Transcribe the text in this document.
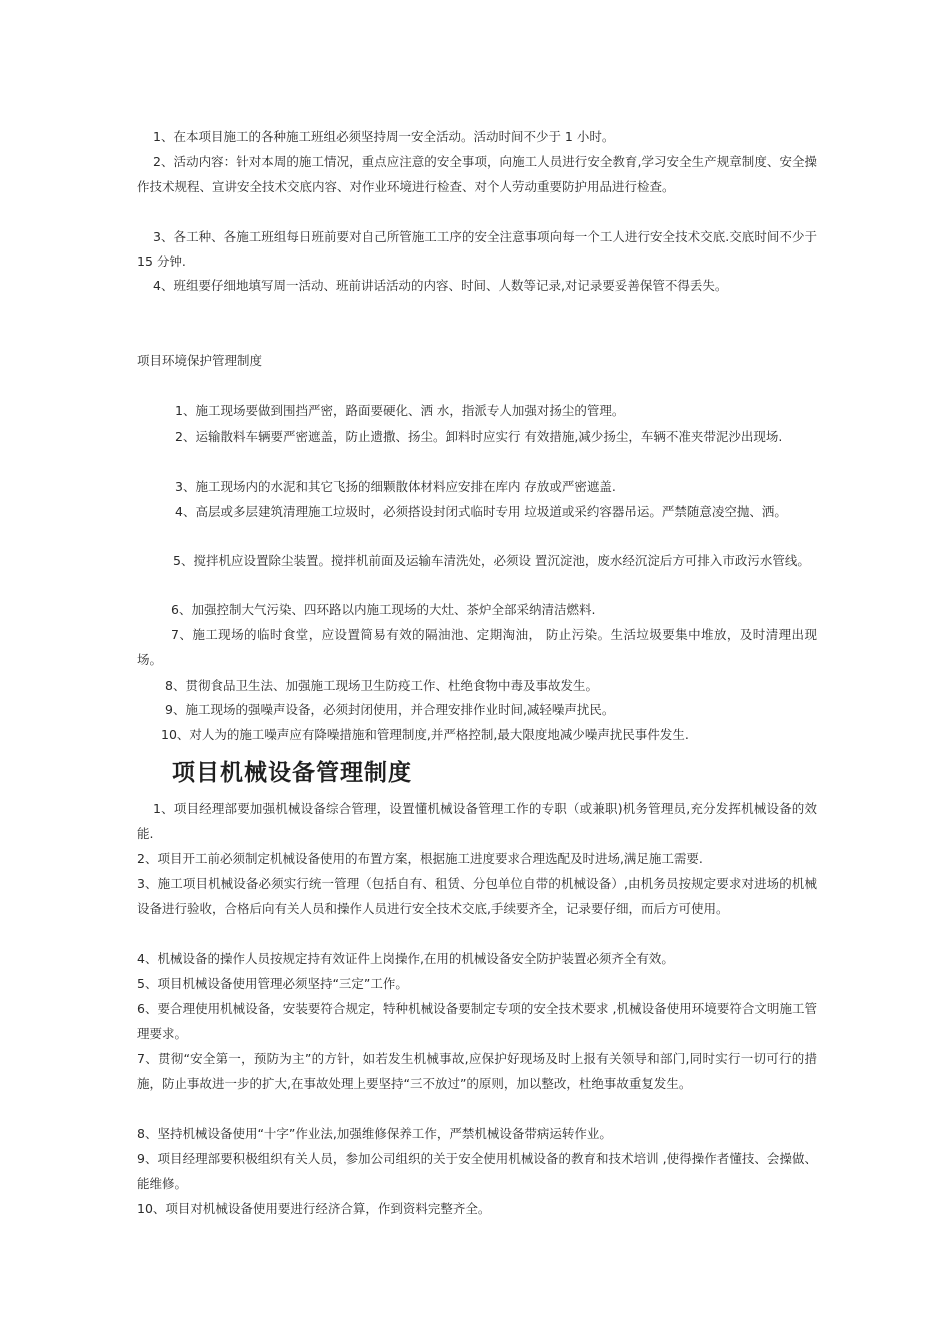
1、在本项目施工的各种施工班组必须坚持周一安全活动。活动时间不少于 1 小时。

2、活动内容：针对本周的施工情况，重点应注意的安全事项，向施工人员进行安全教育,学习安全生产规章制度、安全操作技术规程、宣讲安全技术交底内容、对作业环境进行检查、对个人劳动重要防护用品进行检查。

3、各工种、各施工班组每日班前要对自己所管施工工序的安全注意事项向每一个工人进行安全技术交底.交底时间不少于 15 分钟.

4、班组要仔细地填写周一活动、班前讲话活动的内容、时间、人数等记录,对记录要妥善保管不得丢失。

项目环境保护管理制度

1、施工现场要做到围挡严密，路面要硬化、洒 水，指派专人加强对扬尘的管理。

2、运输散料车辆要严密遮盖，防止遗撒、扬尘。卸料时应实行 有效措施,减少扬尘，车辆不准夹带泥沙出现场.

3、施工现场内的水泥和其它飞扬的细颗散体材料应安排在库内 存放或严密遮盖.

4、高层或多层建筑清理施工垃圾时，必须搭设封闭式临时专用 垃圾道或采约容器吊运。严禁随意凌空抛、洒。

5、搅拌机应设置除尘装置。搅拌机前面及运输车清洗处，必须设 置沉淀池，废水经沉淀后方可排入市政污水管线。

6、加强控制大气污染、四环路以内施工现场的大灶、茶炉全部采纳清洁燃料.

7、施工现场的临时食堂，应设置简易有效的隔油池、定期淘油， 防止污染。生活垃圾要集中堆放，及时清理出现场。

8、贯彻食品卫生法、加强施工现场卫生防疫工作、杜绝食物中毒及事故发生。

9、施工现场的强噪声设备，必须封闭使用，并合理安排作业时间,减轻噪声扰民。

10、对人为的施工噪声应有降噪措施和管理制度,并严格控制,最大限度地减少噪声扰民事件发生.

项目机械设备管理制度

1、项目经理部要加强机械设备综合管理，设置懂机械设备管理工作的专职（或兼职)机务管理员,充分发挥机械设备的效能.

2、项目开工前必须制定机械设备使用的布置方案，根据施工进度要求合理选配及时进场,满足施工需要.

3、施工项目机械设备必须实行统一管理（包括自有、租赁、分包单位自带的机械设备）,由机务员按规定要求对进场的机械设备进行验收，合格后向有关人员和操作人员进行安全技术交底,手续要齐全，记录要仔细，而后方可使用。

4、机械设备的操作人员按规定持有效证件上岗操作,在用的机械设备安全防护装置必须齐全有效。

5、项目机械设备使用管理必须坚持“三定”工作。

6、要合理使用机械设备，安装要符合规定，特种机械设备要制定专项的安全技术要求 ,机械设备使用环境要符合文明施工管理要求。

7、贯彻“安全第一，预防为主”的方针，如若发生机械事故,应保护好现场及时上报有关领导和部门,同时实行一切可行的措施，防止事故进一步的扩大,在事故处理上要坚持“三不放过”的原则，加以整改，杜绝事故重复发生。

8、坚持机械设备使用“十字”作业法,加强维修保养工作，严禁机械设备带病运转作业。

9、项目经理部要积极组织有关人员，参加公司组织的关于安全使用机械设备的教育和技术培训 ,使得操作者懂技、会操做、能维修。

10、项目对机械设备使用要进行经济合算，作到资料完整齐全。
